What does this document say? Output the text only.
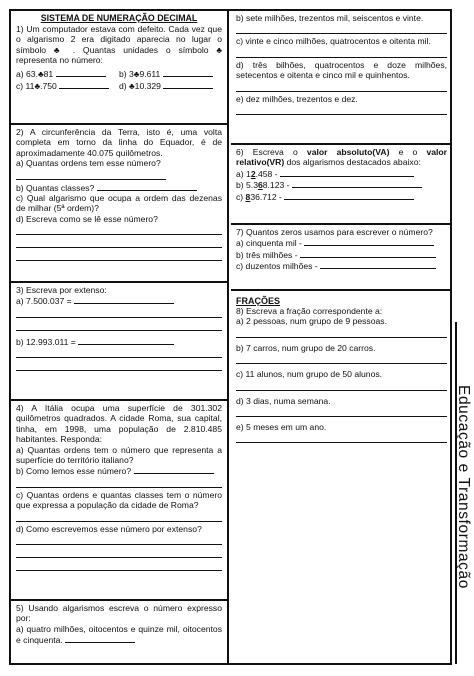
SISTEMA DE NUMERAÇÃO DECIMAL

1) Um computador estava com defeito. Cada vez que o algarismo 2 era digitado aparecia no lugar o símbolo ♣ . Quantas unidades o símbolo ♣ representa no número:

a) 63.♣81	b) 3♣9.611
c) 11♣.750	d) ♣10.329

2) A circunferência da Terra, isto é, uma volta completa em torno da linha do Equador, é de aproximadamente 40.075 quilômetros.

a) Quantas ordens tem esse número?

b) Quantas classes?

c) Qual algarismo que ocupa a ordem das dezenas de milhar (5ª ordem)?

d) Escreva como se lê esse número?

3) Escreva por extenso:

a) 7.500.037 =

b) 12.993.011 =

4) A Itália ocupa uma superfície de 301.302 quilômetros quadrados. A cidade Roma, sua capital, tinha, em 1998, uma população de 2.810.485 habitantes. Responda:

a) Quantas ordens tem o número que representa a superfície do território italiano?

b) Como lemos esse número?

c) Quantas ordens e quantas classes tem o número que expressa a população da cidade de Roma?

d) Como escrevemos esse número por extenso?

5) Usando algarismos escreva o número expresso por:

a) quatro milhões, oitocentos e quinze mil, oitocentos e cinquenta.

b) sete milhões, trezentos mil, seiscentos e vinte.

c) vinte e cinco milhões, quatrocentos e oitenta mil.

d) três bilhões, quatrocentos e doze milhões, setecentos e oitenta e cinco mil e quinhentos.

e) dez milhões, trezentos e dez.

6) Escreva o valor absoluto(VA) e o valor relativo(VR) dos algarismos destacados abaixo:

a) 12.458 -

b) 5.368.123 -

c) 836.712 -

7) Quantos zeros usamos para escrever o número?

a) cinquenta mil -

b) três milhões -

c) duzentos milhões -

FRAÇÕES

8) Escreva a fração correspondente a:

a) 2 pessoas, num grupo de 9 pessoas.

b) 7 carros, num grupo de 20 carros.

c) 11 alunos, num grupo de 50 alunos.

d) 3 dias, numa semana.

e) 5 meses em um ano.	Educação e Transformação
